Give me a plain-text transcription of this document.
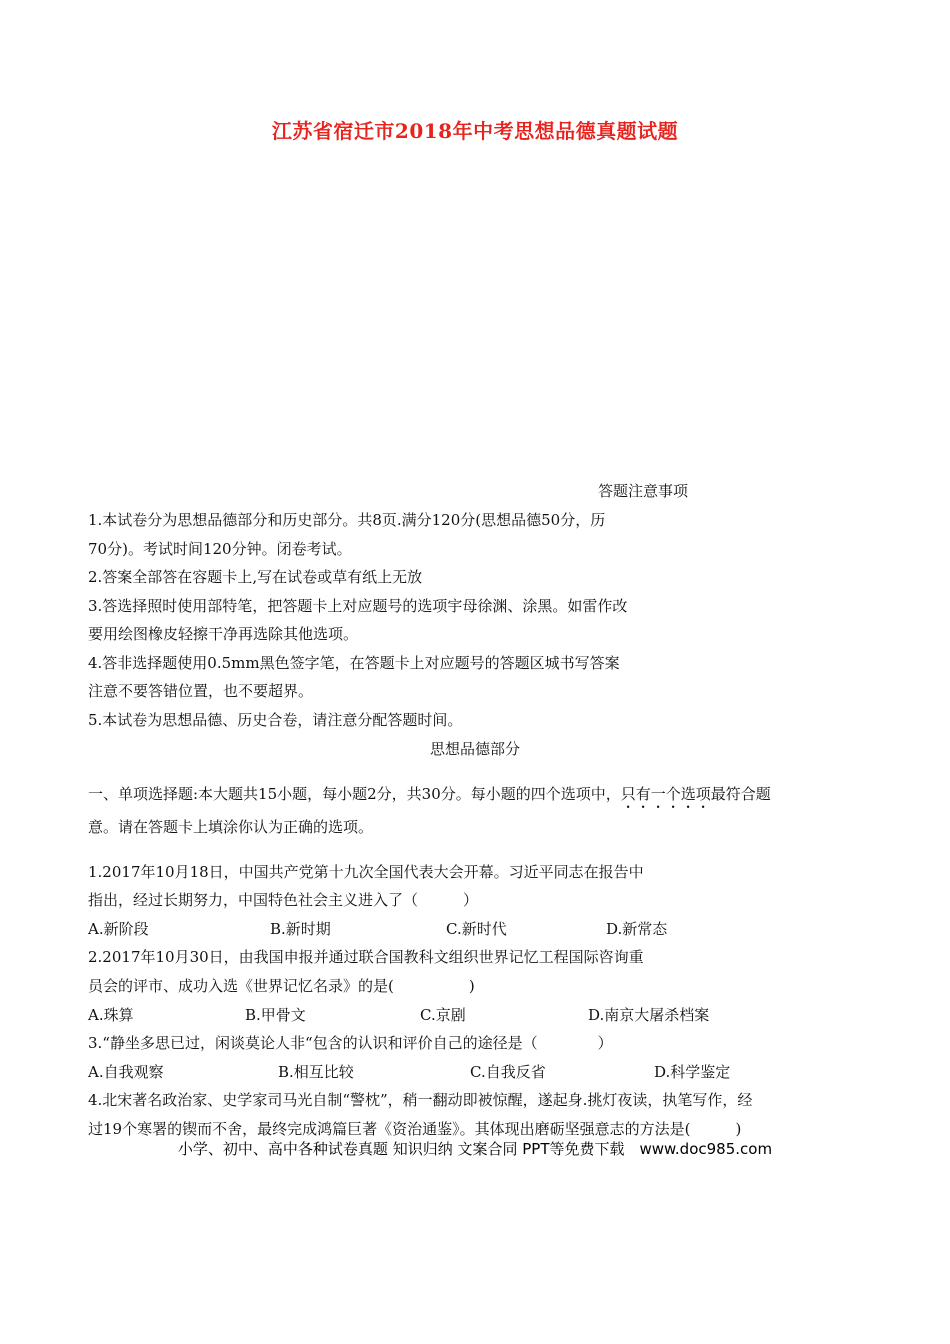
江苏省宿迁市2018年中考思想品德真题试题
答题注意事项
1.本试卷分为思想品德部分和历史部分。共8页.满分120分(思想品德50分，历
70分)。考试时间120分钟。闭卷考试。
2.答案全部答在容题卡上,写在试卷或草有纸上无放
3.答选择照时使用部特笔，把答题卡上对应题号的选项宇母徐渊、涂黑。如雷作改
要用绘图橡皮轻擦干净再选除其他选项。
4.答非选择题使用0.5mm黑色签字笔，在答题卡上对应题号的答题区城书写答案
注意不要答错位置，也不要超界。
5.本试卷为思想品德、历史合卷，请注意分配答题时间。
思想品德部分
一、单项选择题:本大题共15小题，每小题2分，共30分。每小题的四个选项中，只有一个选项最符合题
意。请在答题卡上填涂你认为正确的选项。
1.2017年10月18日，中国共产党第十九次全国代表大会开幕。习近平同志在报告中
指出，经过长期努力，中国特色社会主义进入了（　　　）
A.新阶段	B.新时期	C.新时代	D.新常态
2.2017年10月30日，由我国申报并通过联合国教科文组织世界记忆工程国际咨询重
员会的评市、成功入选《世界记忆名录》的是(　　　　　)
A.珠算	B.甲骨文	C.京剧	D.南京大屠杀档案
3.“静坐多思已过，闲谈莫论人非“包含的认识和评价自己的途径是（　　　　）
A.自我观察	B.相互比较	C.自我反省	D.科学鉴定
4.北宋著名政治家、史学家司马光自制“警枕”，稍一翻动即被惊醒，遂起身.挑灯夜读，执笔写作，经
过19个寒署的锲而不舍，最终完成鸿篇巨著《资治通鉴》。其体现出磨砺坚强意志的方法是(　　　)
小学、初中、高中各种试卷真题 知识归纳 文案合同 PPT等免费下载　www.doc985.com
